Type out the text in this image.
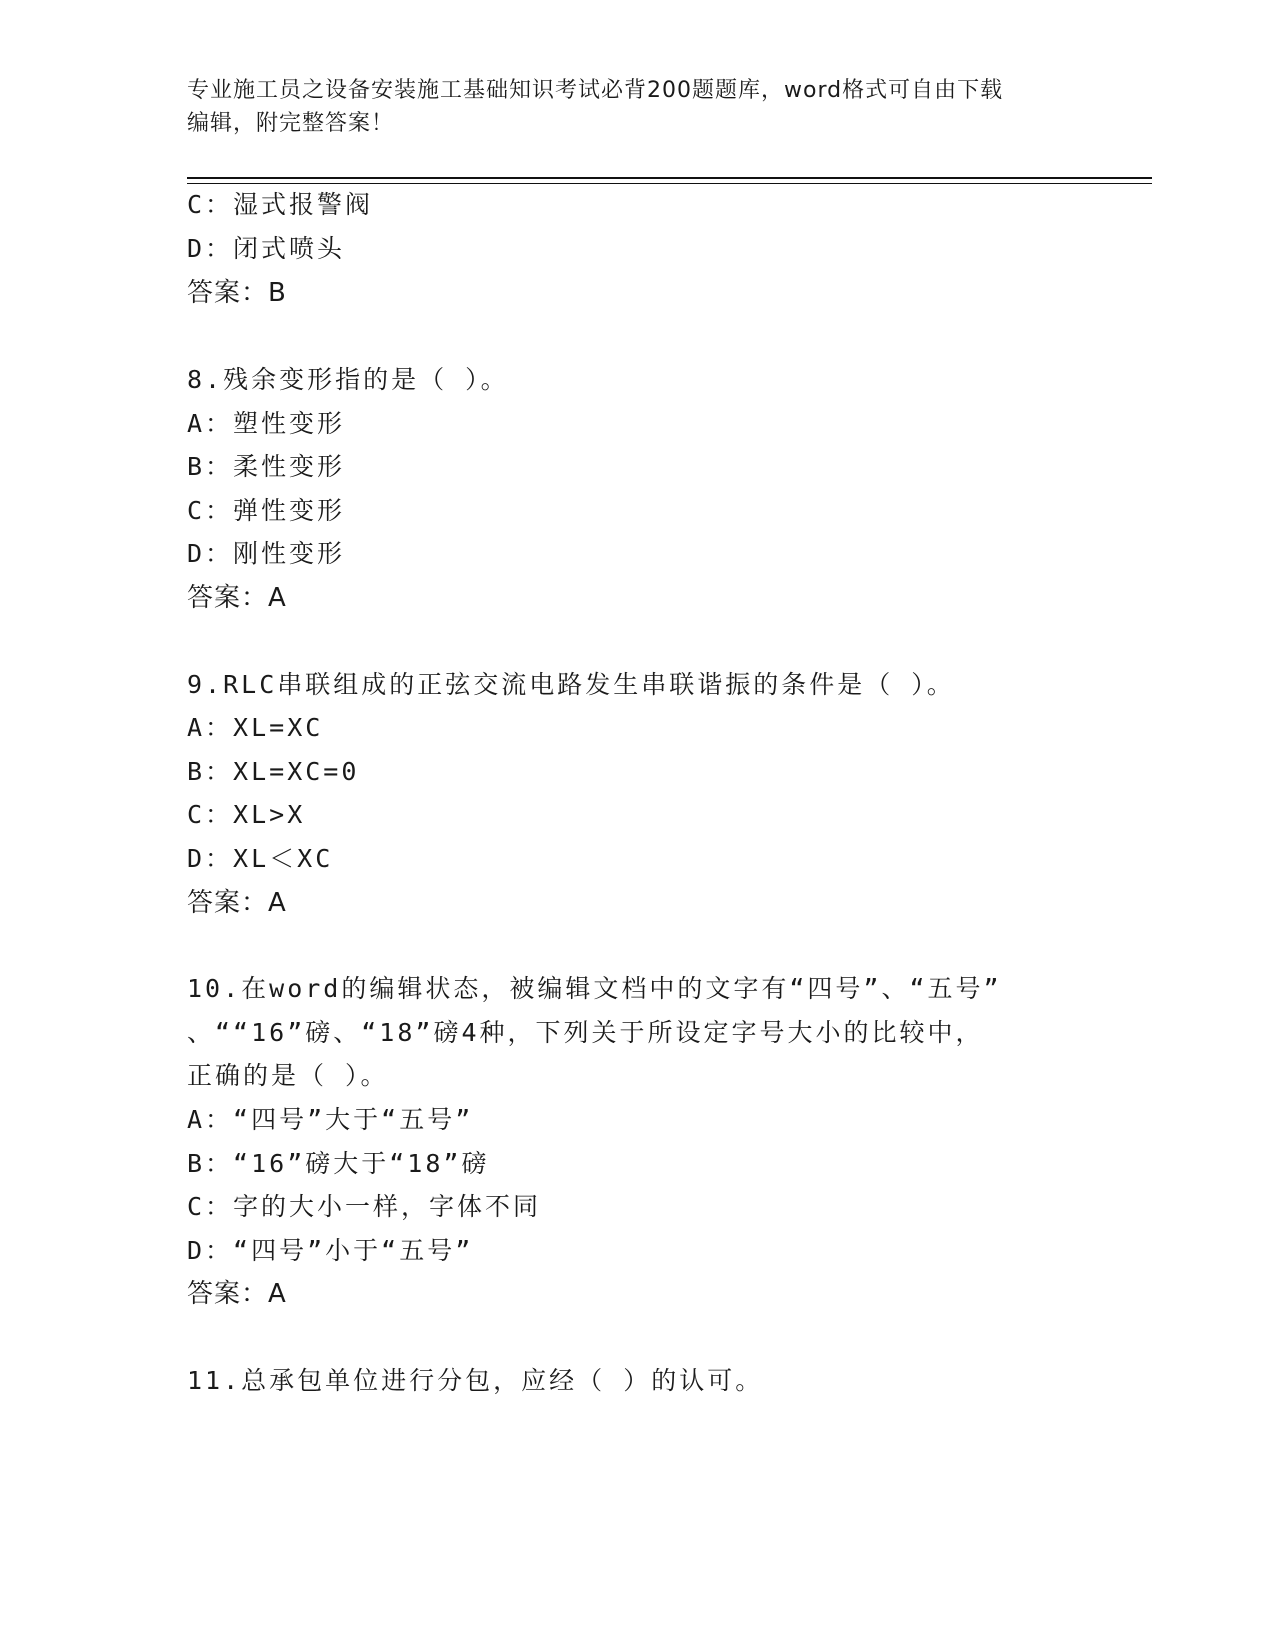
专业施工员之设备安装施工基础知识考试必背200题题库，word格式可自由下载
编辑，附完整答案！
C：湿式报警阀
D：闭式喷头
答案：B
8.残余变形指的是（ ）。
A：塑性变形
B：柔性变形
C：弹性变形
D：刚性变形
答案：A
9.RLC串联组成的正弦交流电路发生串联谐振的条件是（ ）。
A：XL=XC
B：XL=XC=0
C：XL>X
D：XL＜XC
答案：A
10.在word的编辑状态，被编辑文档中的文字有“四号”、“五号”
、““16”磅、“18”磅4种，下列关于所设定字号大小的比较中，
正确的是（ ）。
A：“四号”大于“五号”
B：“16”磅大于“18”磅
C：字的大小一样，字体不同
D：“四号”小于“五号”
答案：A
11.总承包单位进行分包，应经（ ）的认可。
